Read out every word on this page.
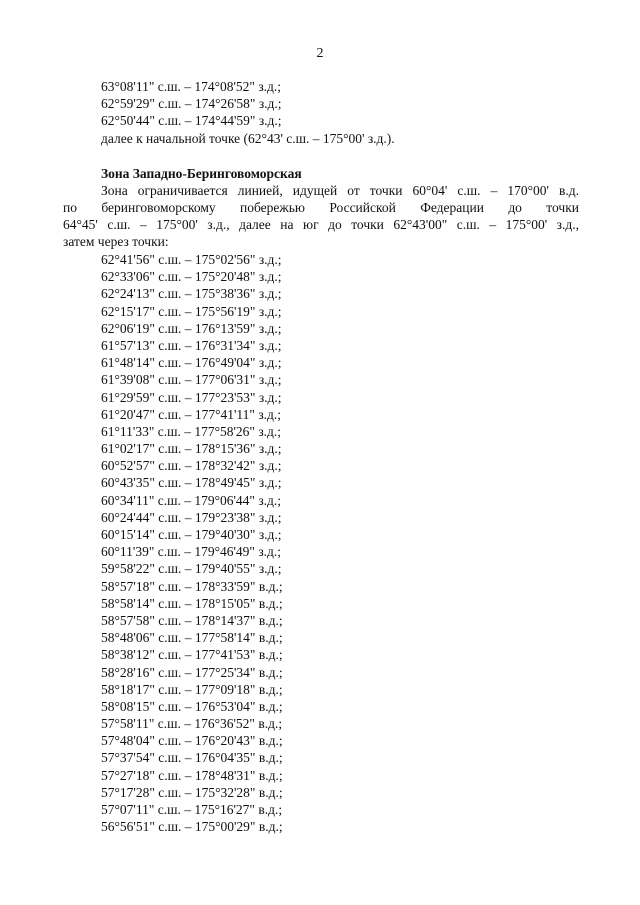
2
63°08'11" с.ш. – 174°08'52" з.д.;
62°59'29" с.ш. – 174°26'58" з.д.;
62°50'44" с.ш. – 174°44'59" з.д.;
далее к начальной точке (62°43' с.ш. – 175°00' з.д.).
Зона Западно-Беринговоморская
Зона ограничивается линией, идущей от точки 60°04' с.ш. – 170°00' в.д.
по беринговоморскому побережью Российской Федерации до точки
64°45' с.ш. – 175°00' з.д., далее на юг до точки 62°43'00" с.ш. – 175°00' з.д.,
затем через точки:
62°41'56" с.ш. – 175°02'56" з.д.;
62°33'06" с.ш. – 175°20'48" з.д.;
62°24'13" с.ш. – 175°38'36" з.д.;
62°15'17" с.ш. – 175°56'19" з.д.;
62°06'19" с.ш. – 176°13'59" з.д.;
61°57'13" с.ш. – 176°31'34" з.д.;
61°48'14" с.ш. – 176°49'04" з.д.;
61°39'08" с.ш. – 177°06'31" з.д.;
61°29'59" с.ш. – 177°23'53" з.д.;
61°20'47" с.ш. – 177°41'11" з.д.;
61°11'33" с.ш. – 177°58'26" з.д.;
61°02'17" с.ш. – 178°15'36" з.д.;
60°52'57" с.ш. – 178°32'42" з.д.;
60°43'35" с.ш. – 178°49'45" з.д.;
60°34'11" с.ш. – 179°06'44" з.д.;
60°24'44" с.ш. – 179°23'38" з.д.;
60°15'14" с.ш. – 179°40'30" з.д.;
60°11'39" с.ш. – 179°46'49" з.д.;
59°58'22" с.ш. – 179°40'55" з.д.;
58°57'18" с.ш. – 178°33'59" в.д.;
58°58'14" с.ш. – 178°15'05" в.д.;
58°57'58" с.ш. – 178°14'37" в.д.;
58°48'06" с.ш. – 177°58'14" в.д.;
58°38'12" с.ш. – 177°41'53" в.д.;
58°28'16" с.ш. – 177°25'34" в.д.;
58°18'17" с.ш. – 177°09'18" в.д.;
58°08'15" с.ш. – 176°53'04" в.д.;
57°58'11" с.ш. – 176°36'52" в.д.;
57°48'04" с.ш. – 176°20'43" в.д.;
57°37'54" с.ш. – 176°04'35" в.д.;
57°27'18" с.ш. – 178°48'31" в.д.;
57°17'28" с.ш. – 175°32'28" в.д.;
57°07'11" с.ш. – 175°16'27" в.д.;
56°56'51" с.ш. – 175°00'29" в.д.;
